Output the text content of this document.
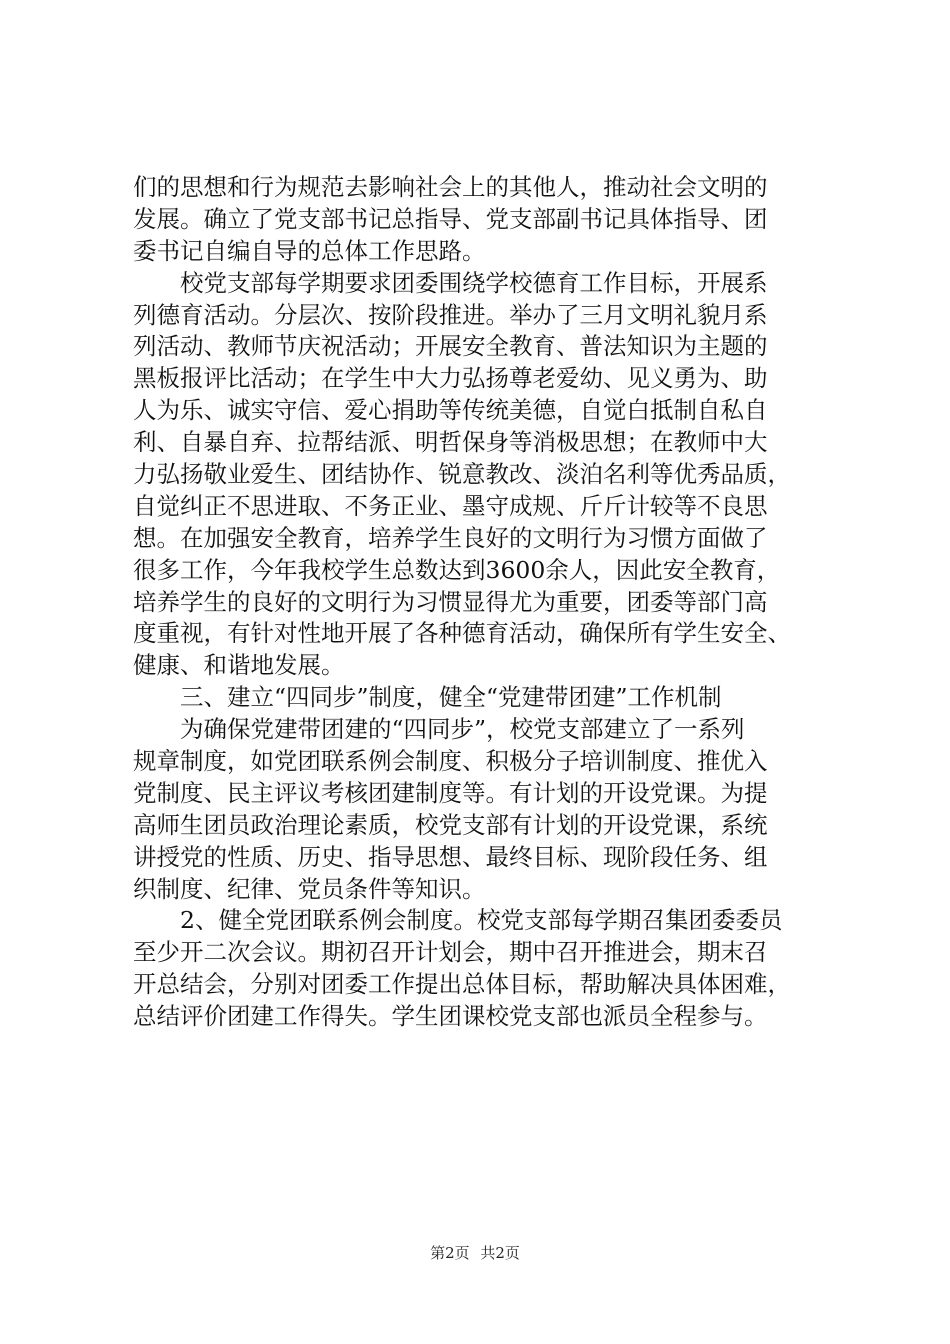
们的思想和行为规范去影响社会上的其他人，推动社会文明的
发展。确立了党支部书记总指导、党支部副书记具体指导、团
委书记自编自导的总体工作思路。
校党支部每学期要求团委围绕学校德育工作目标，开展系
列德育活动。分层次、按阶段推进。举办了三月文明礼貌月系
列活动、教师节庆祝活动；开展安全教育、普法知识为主题的
黑板报评比活动；在学生中大力弘扬尊老爱幼、见义勇为、助
人为乐、诚实守信、爱心捐助等传统美德，自觉白抵制自私自
利、自暴自弃、拉帮结派、明哲保身等消极思想；在教师中大
力弘扬敬业爱生、团结协作、锐意教改、淡泊名利等优秀品质，
自觉纠正不思进取、不务正业、墨守成规、斤斤计较等不良思
想。在加强安全教育，培养学生良好的文明行为习惯方面做了
很多工作，今年我校学生总数达到3600余人，因此安全教育，
培养学生的良好的文明行为习惯显得尤为重要，团委等部门高
度重视，有针对性地开展了各种德育活动，确保所有学生安全、
健康、和谐地发展。
三、建立“四同步”制度，健全“党建带团建”工作机制
为确保党建带团建的“四同步”，校党支部建立了一系列
规章制度，如党团联系例会制度、积极分子培训制度、推优入
党制度、民主评议考核团建制度等。有计划的开设党课。为提
高师生团员政治理论素质，校党支部有计划的开设党课，系统
讲授党的性质、历史、指导思想、最终目标、现阶段任务、组
织制度、纪律、党员条件等知识。
2、健全党团联系例会制度。校党支部每学期召集团委委员
至少开二次会议。期初召开计划会，期中召开推进会，期末召
开总结会，分别对团委工作提出总体目标，帮助解决具体困难，
总结评价团建工作得失。学生团课校党支部也派员全程参与。
第2页 共2页
